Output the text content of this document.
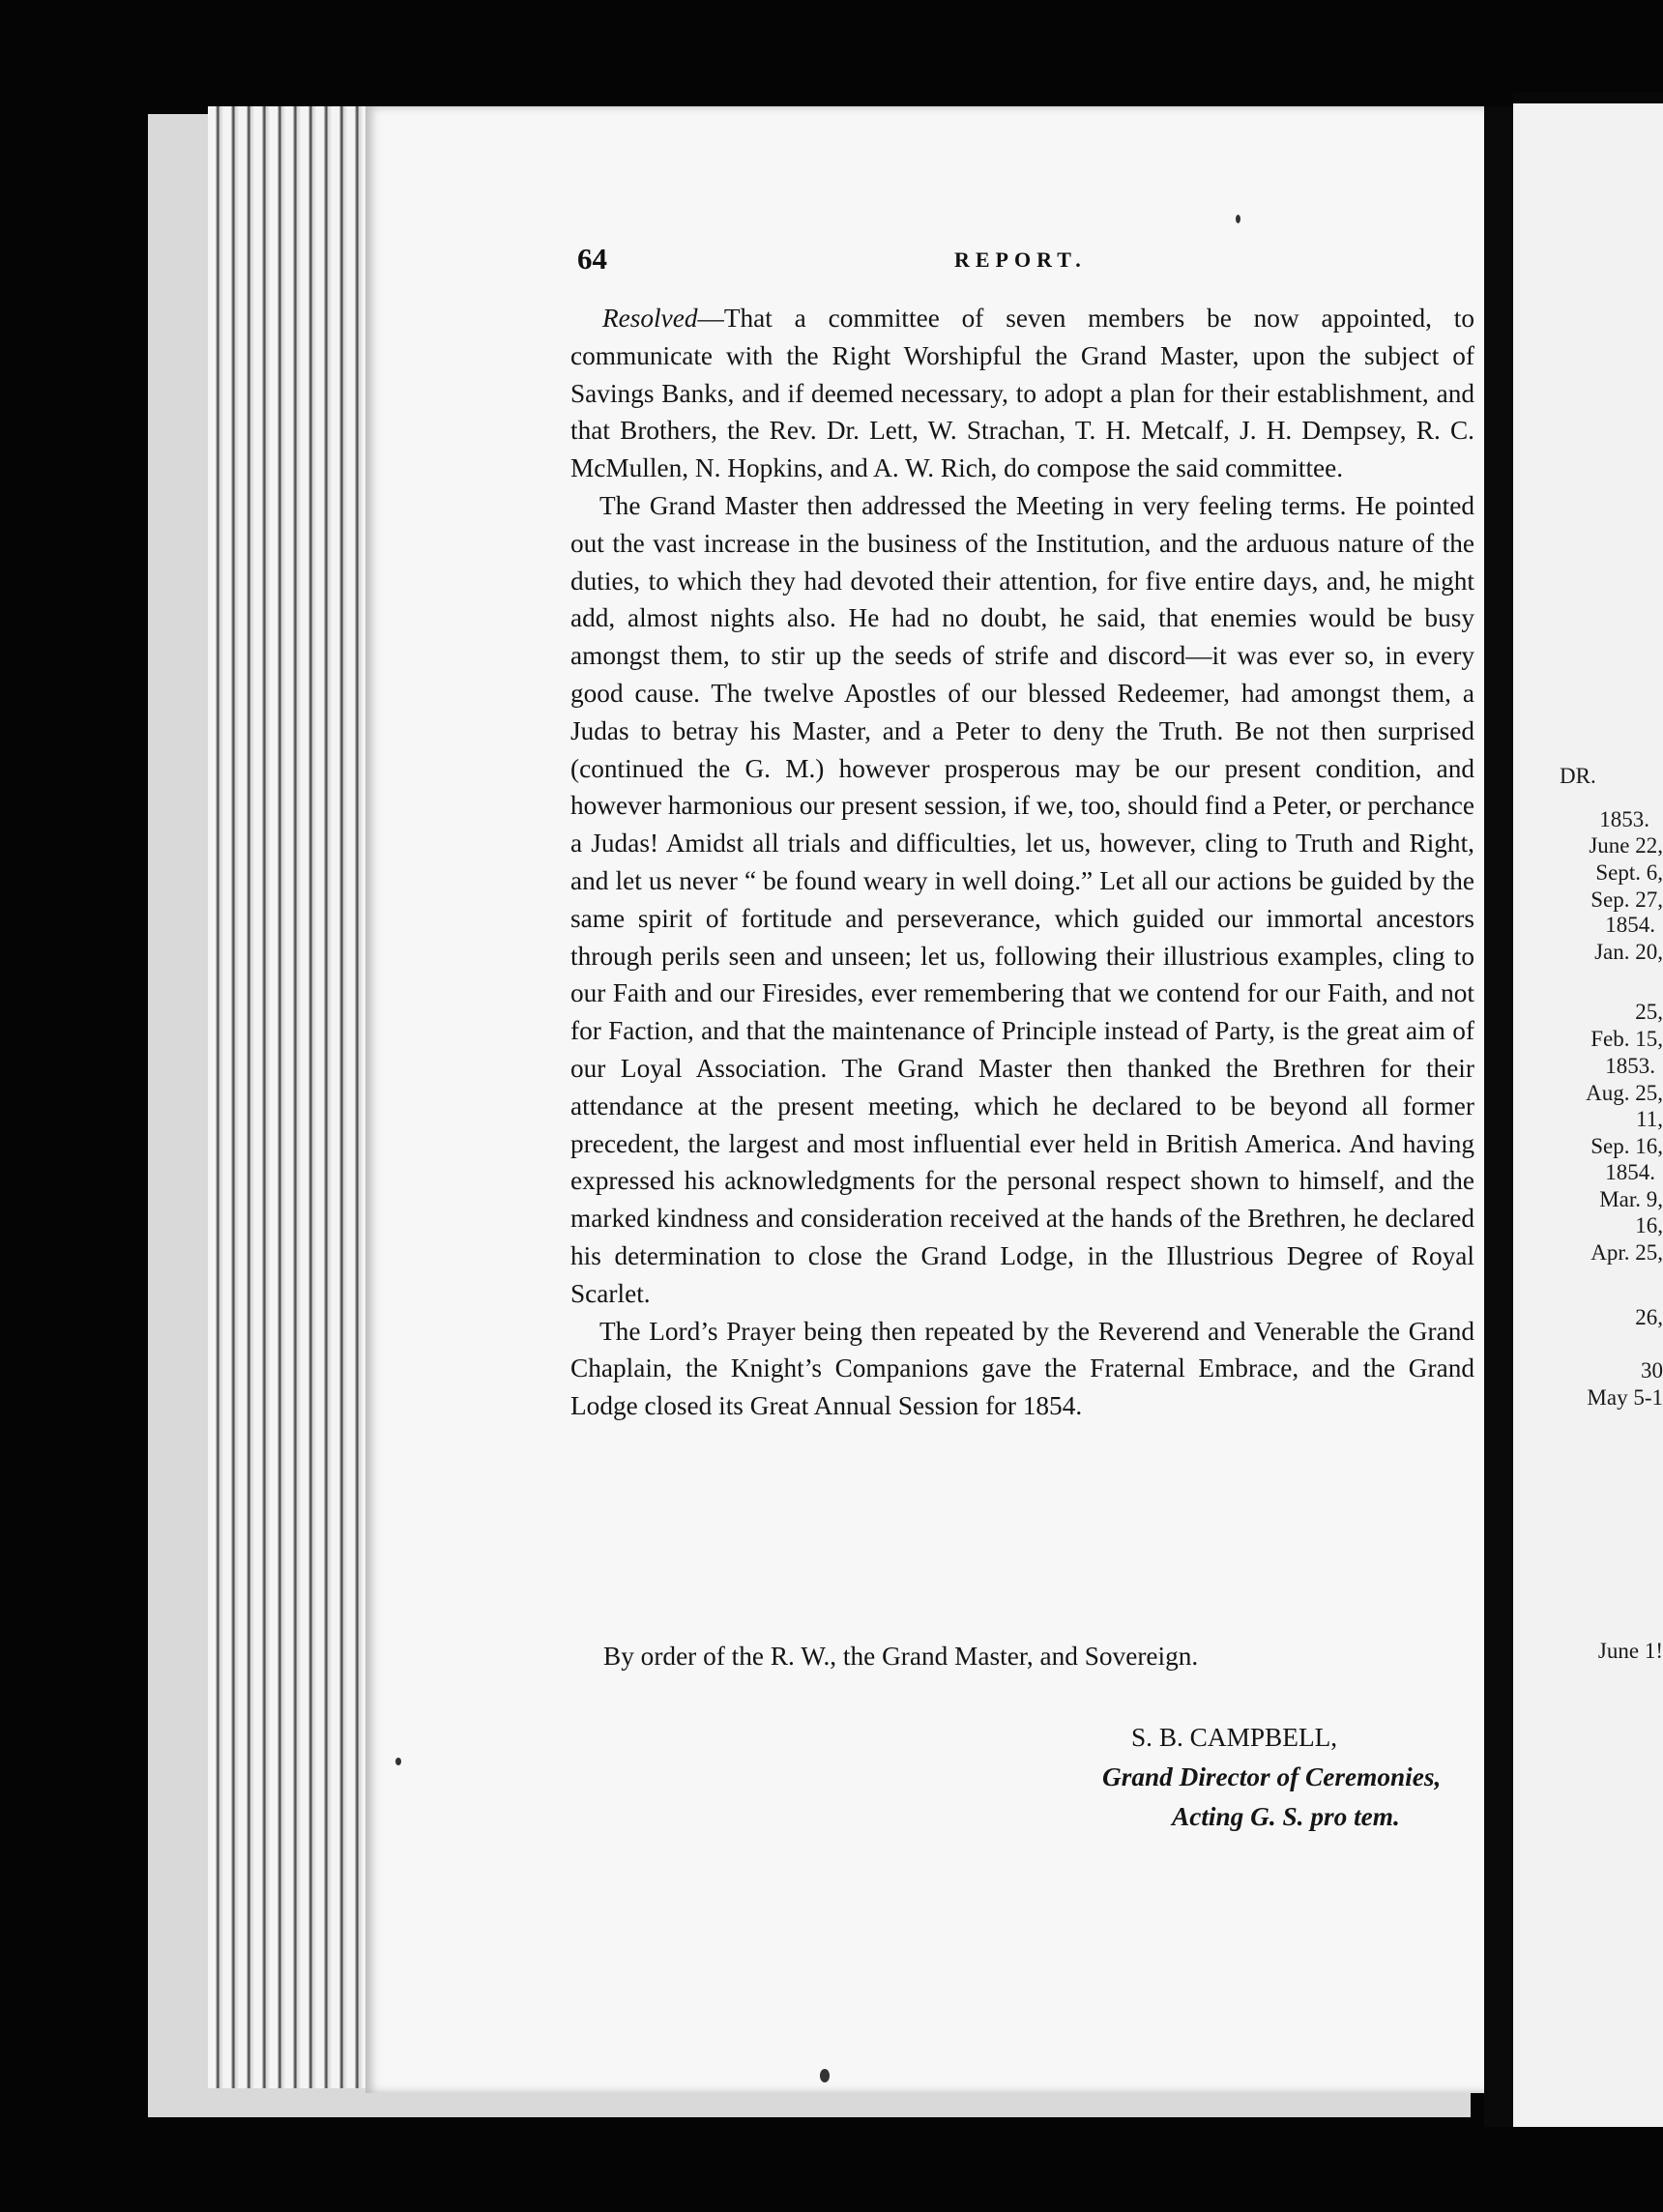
64	REPORT.

Resolved—That a committee of seven members be now appointed, to communicate with the Right Worshipful the Grand Master, upon the subject of Savings Banks, and if deemed necessary, to adopt a plan for their establishment, and that Brothers, the Rev. Dr. Lett, W. Strachan, T. H. Metcalf, J. H. Dempsey, R. C. McMullen, N. Hopkins, and A. W. Rich, do compose the said committee.

The Grand Master then addressed the Meeting in very feeling terms. He pointed out the vast increase in the business of the Institution, and the arduous nature of the duties, to which they had devoted their attention, for five entire days, and, he might add, almost nights also. He had no doubt, he said, that enemies would be busy amongst them, to stir up the seeds of strife and discord—it was ever so, in every good cause. The twelve Apostles of our blessed Redeemer, had amongst them, a Judas to betray his Master, and a Peter to deny the Truth. Be not then surprised (continued the G. M.) however prosperous may be our present condition, and however harmonious our present session, if we, too, should find a Peter, or perchance a Judas! Amidst all trials and difficulties, let us, however, cling to Truth and Right, and let us never “ be found weary in well doing.” Let all our actions be guided by the same spirit of fortitude and perseverance, which guided our immortal ancestors through perils seen and unseen; let us, following their illustrious examples, cling to our Faith and our Firesides, ever remembering that we contend for our Faith, and not for Faction, and that the maintenance of Principle instead of Party, is the great aim of our Loyal Association. The Grand Master then thanked the Brethren for their attendance at the present meeting, which he declared to be beyond all former precedent, the largest and most influential ever held in British America. And having expressed his acknowledgments for the personal respect shown to himself, and the marked kindness and consideration received at the hands of the Brethren, he declared his determination to close the Grand Lodge, in the Illustrious Degree of Royal Scarlet.

The Lord’s Prayer being then repeated by the Reverend and Venerable the Grand Chaplain, the Knight’s Companions gave the Fraternal Embrace, and the Grand Lodge closed its Great Annual Session for 1854.

By order of the R. W., the Grand Master, and Sovereign.
S. B. CAMPBELL,
Grand Director of Ceremonies,
Acting G. S. pro tem.
DR.
1853.
June 22,
Sept. 6,
Sep. 27,
1854.
Jan. 20,
25,
Feb. 15,
1853.
Aug. 25,
11,
Sep. 16,
1854.
Mar. 9,
16,
Apr. 25,
26,
30
May 5-1
June 1!
